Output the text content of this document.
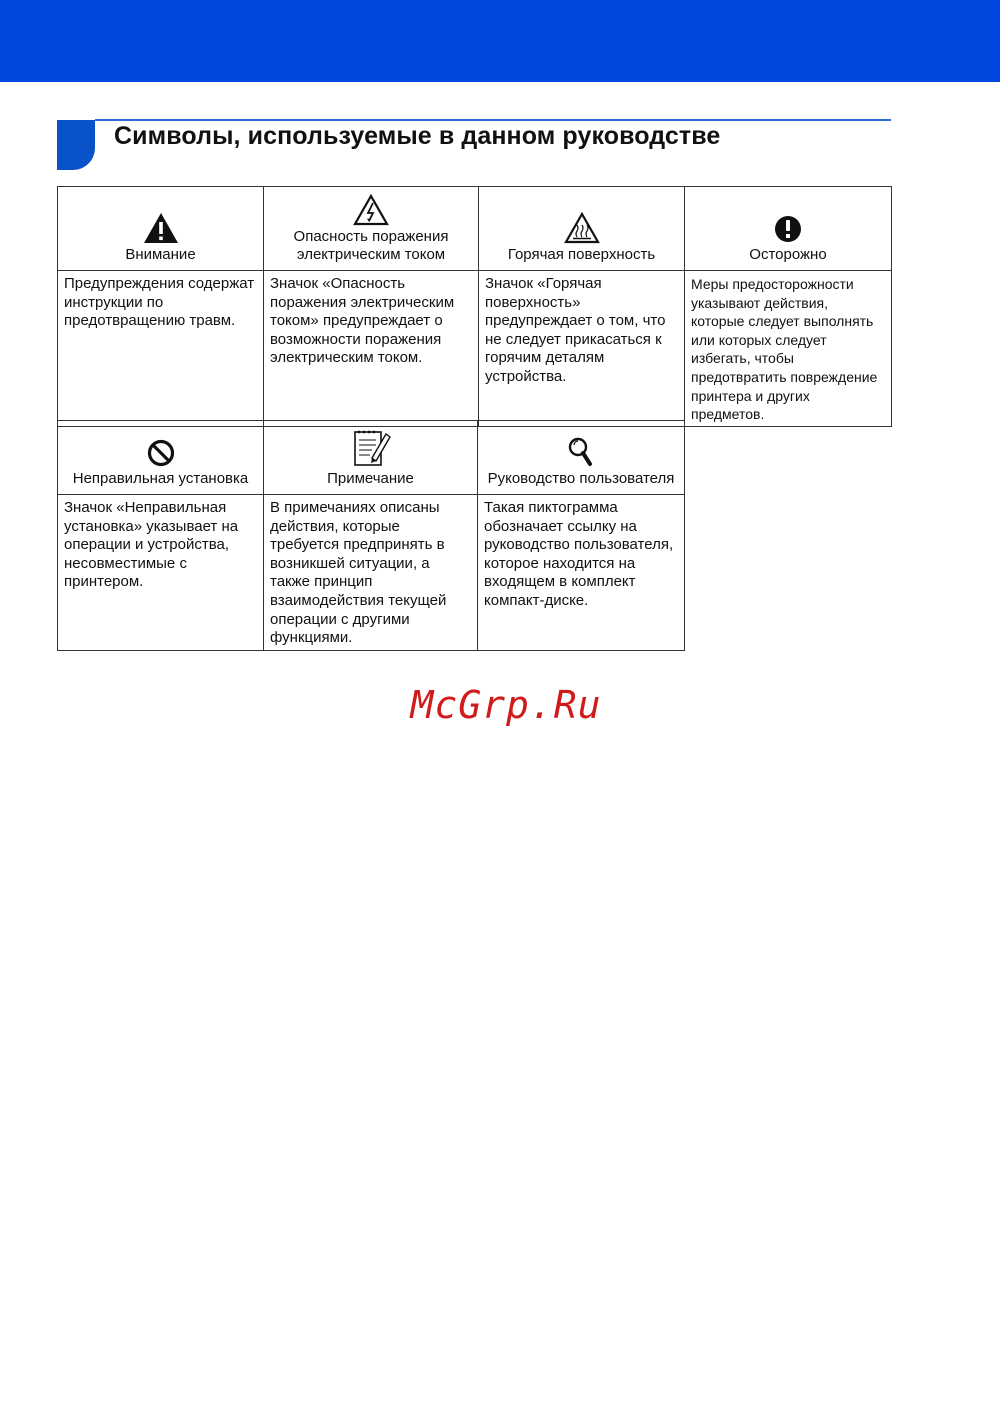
Символы, используемые в данном руководстве
Внимание	Опасность поражения электрическим током	Горячая поверхность	Осторожно
Предупреждения содержат инструкции по предотвращению травм.	Значок «Опасность поражения электрическим током» предупреждает о возможности поражения электрическим током.	Значок «Горячая поверхность» предупреждает о том, что не следует прикасаться к горячим деталям устройства.	Меры предосторожности указывают действия, которые следует выполнять или которых следует избегать, чтобы предотвратить повреждение принтера и других предметов.
Неправильная установка	Примечание	Руководство пользователя
Значок «Неправильная установка» указывает на операции и устройства, несовместимые с принтером.	В примечаниях описаны действия, которые требуется предпринять в возникшей ситуации, а также принцип взаимодействия текущей операции с другими функциями.	Такая пиктограмма обозначает ссылку на руководство пользователя, которое находится на входящем в комплект компакт-диске.
McGrp.Ru
